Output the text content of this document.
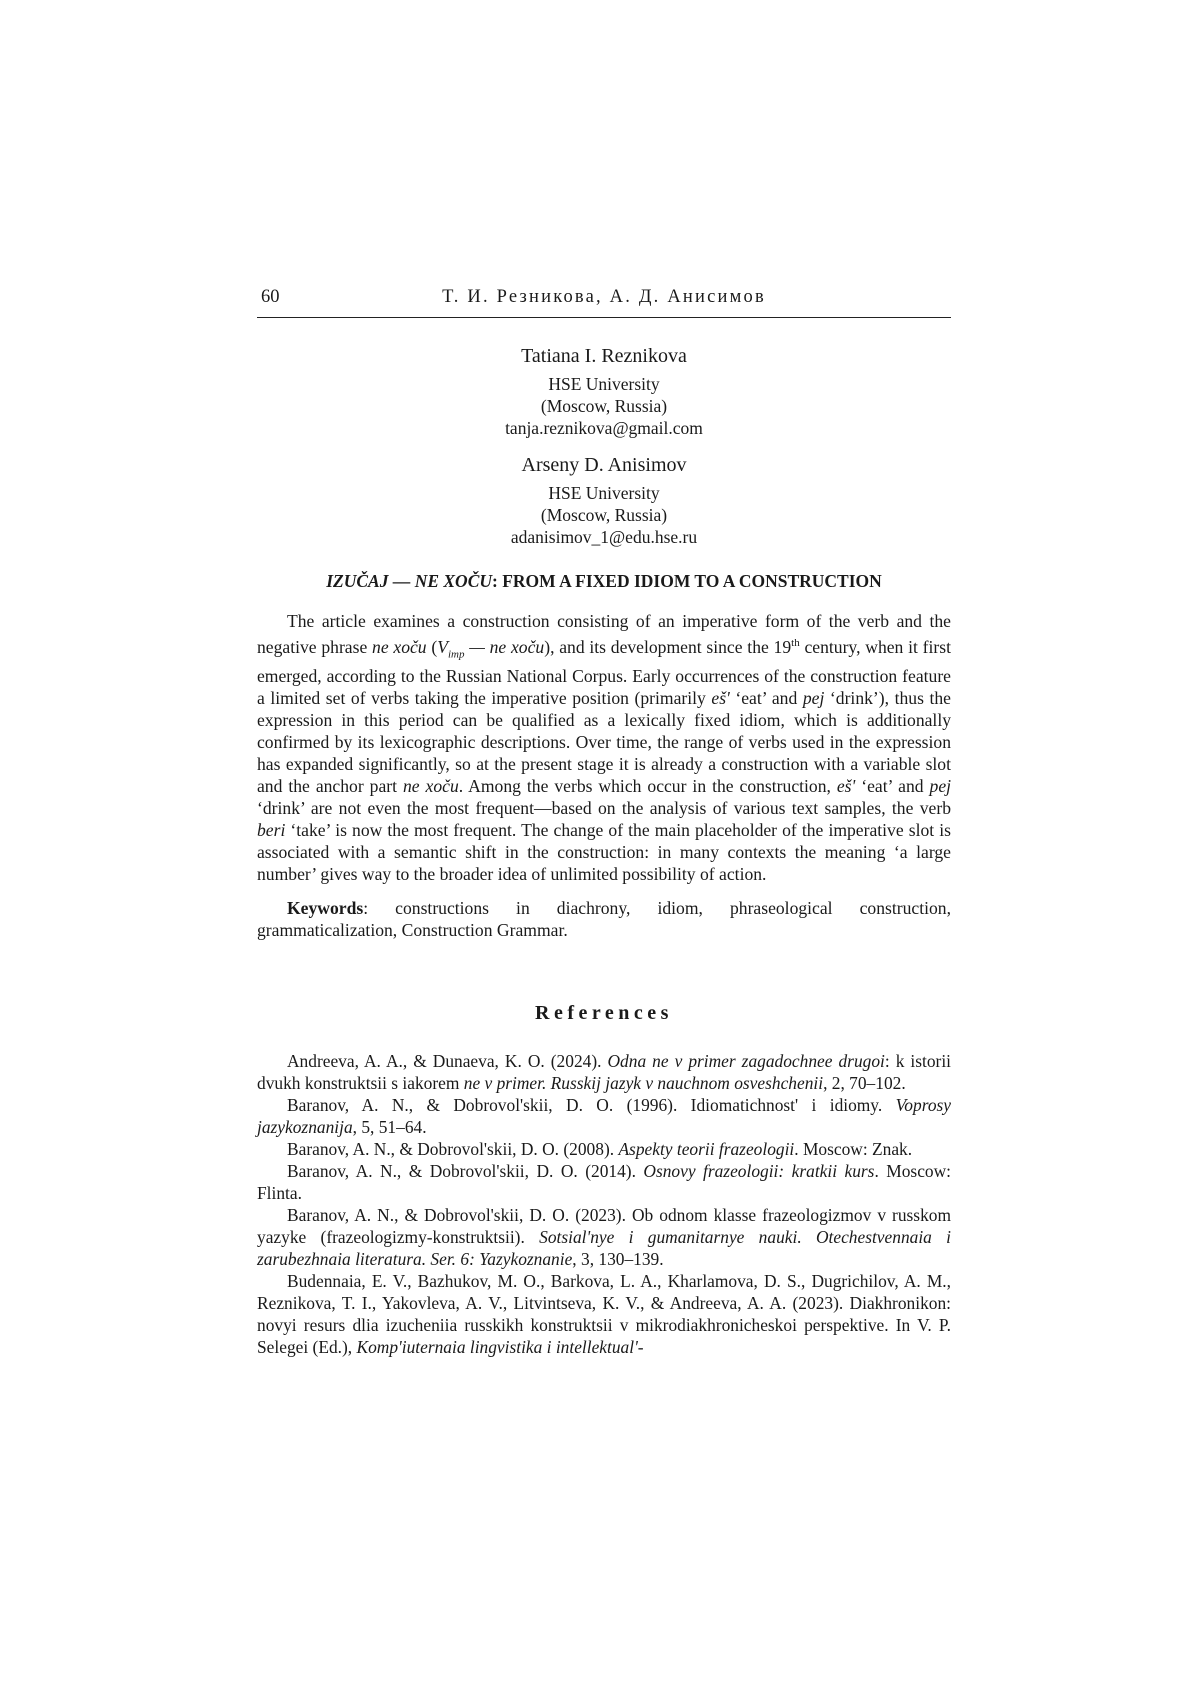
60	Т. И. Резникова, А. Д. Анисимов
Tatiana I. Reznikova
HSE University
(Moscow, Russia)
tanja.reznikova@gmail.com
Arseny D. Anisimov
HSE University
(Moscow, Russia)
adanisimov_1@edu.hse.ru
IZUČAJ — NE XOČU: FROM A FIXED IDIOM TO A CONSTRUCTION

The article examines a construction consisting of an imperative form of the verb and the negative phrase ne xoču ($V_{imp}$ — ne xoču), and its development since the 19th century, when it first emerged, according to the Russian National Corpus. Early occurrences of the construction feature a limited set of verbs taking the imperative position (primarily eš' ‘eat’ and pej ‘drink’), thus the expression in this period can be qualified as a lexically fixed idiom, which is additionally confirmed by its lexicographic descriptions. Over time, the range of verbs used in the expression has expanded significantly, so at the present stage it is already a construction with a variable slot and the anchor part ne xoču. Among the verbs which occur in the construction, eš' ‘eat’ and pej ‘drink’ are not even the most frequent—based on the analysis of various text samples, the verb beri ‘take’ is now the most frequent. The change of the main placeholder of the imperative slot is associated with a semantic shift in the construction: in many contexts the meaning ‘a large number’ gives way to the broader idea of unlimited possibility of action.

Keywords: constructions in diachrony, idiom, phraseological construction, grammaticalization, Construction Grammar.

References

Andreeva, A. A., & Dunaeva, K. O. (2024). Odna ne v primer zagadochnee drugoi: k istorii dvukh konstruktsii s iakorem ne v primer. Russkij jazyk v nauchnom osveshchenii, 2, 70–102.

Baranov, A. N., & Dobrovol'skii, D. O. (1996). Idiomatichnost' i idiomy. Voprosy jazykoznanija, 5, 51–64.

Baranov, A. N., & Dobrovol'skii, D. O. (2008). Aspekty teorii frazeologii. Moscow: Znak.

Baranov, A. N., & Dobrovol'skii, D. O. (2014). Osnovy frazeologii: kratkii kurs. Moscow: Flinta.

Baranov, A. N., & Dobrovol'skii, D. O. (2023). Ob odnom klasse frazeologizmov v russkom yazyke (frazeologizmy-konstruktsii). Sotsial'nye i gumanitarnye nauki. Otechestvennaia i zarubezhnaia literatura. Ser. 6: Yazykoznanie, 3, 130–139.

Budennaia, E. V., Bazhukov, M. O., Barkova, L. A., Kharlamova, D. S., Dugrichilov, A. M., Reznikova, T. I., Yakovleva, A. V., Litvintseva, K. V., & Andreeva, A. A. (2023). Diakhronikon: novyi resurs dlia izucheniia russkikh konstruktsii v mikrodiakhronicheskoi perspektive. In V. P. Selegei (Ed.), Komp'iuternaia lingvistika i intellektual'-
